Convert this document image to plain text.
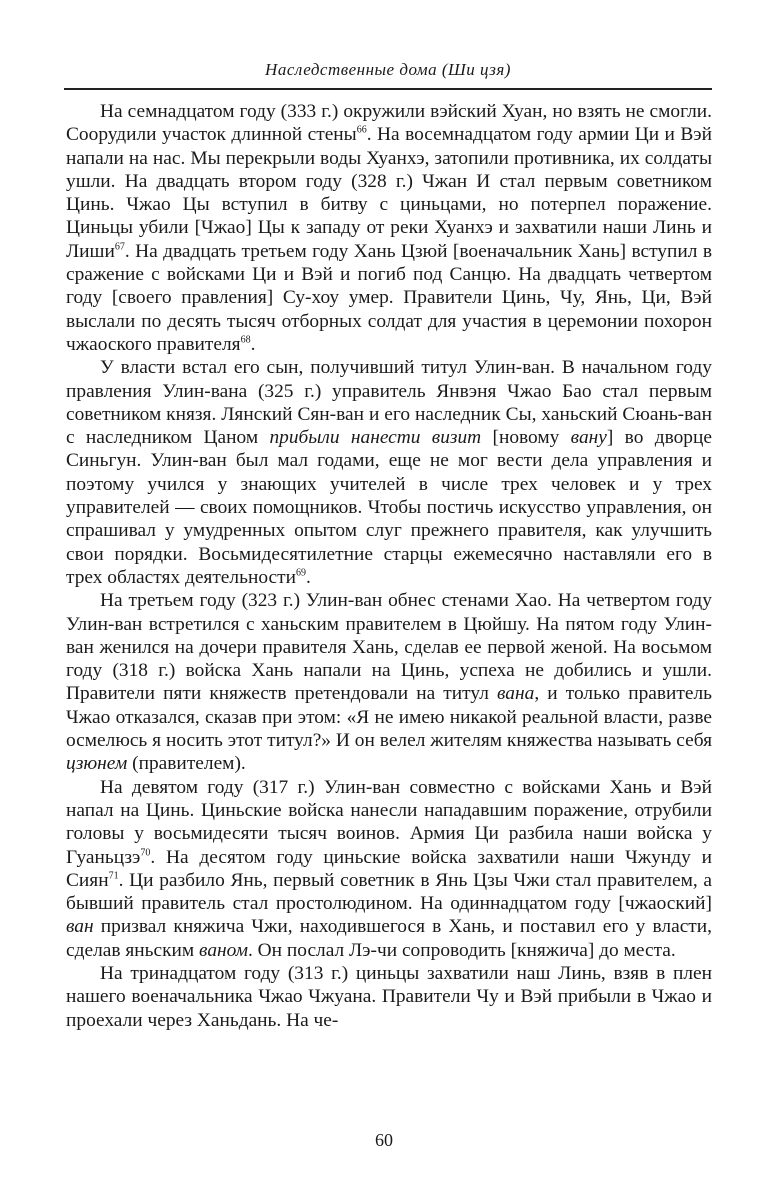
Наследственные дома (Ши цзя)

На семнадцатом году (333 г.) окружили вэйский Хуан, но взять не смогли. Соорудили участок длинной стены$^{66}$. На восемнадцатом году армии Ци и Вэй напали на нас. Мы перекрыли воды Хуанхэ, затопили противника, их солдаты ушли. На двадцать втором году (328 г.) Чжан И стал первым советником Цинь. Чжао Цы вступил в битву с циньцами, но потерпел поражение. Циньцы убили [Чжао] Цы к западу от реки Хуанхэ и захватили наши Линь и Лиши$^{67}$. На двадцать третьем году Хань Цзюй [военачальник Хань] вступил в сражение с войсками Ци и Вэй и погиб под Санцю. На двадцать четвертом году [своего правления] Су-хоу умер. Правители Цинь, Чу, Янь, Ци, Вэй выслали по десять тысяч отборных солдат для участия в церемонии похорон чжаоского правителя$^{68}$.

У власти встал его сын, получивший титул Улин-ван. В начальном году правления Улин-вана (325 г.) управитель Янвэня Чжао Бао стал первым советником князя. Лянский Сян-ван и его наследник Сы, ханьский Сюань-ван с наследником Цаном прибыли нанести визит [новому вану] во дворце Синьгун. Улин-ван был мал годами, еще не мог вести дела управления и поэтому учился у знающих учителей в числе трех человек и у трех управителей — своих помощников. Чтобы постичь искусство управления, он спрашивал у умудренных опытом слуг прежнего правителя, как улучшить свои порядки. Восьмидесятилетние старцы ежемесячно наставляли его в трех областях деятельности$^{69}$.

На третьем году (323 г.) Улин-ван обнес стенами Хао. На четвертом году Улин-ван встретился с ханьским правителем в Цюйшу. На пятом году Улин-ван женился на дочери правителя Хань, сделав ее первой женой. На восьмом году (318 г.) войска Хань напали на Цинь, успеха не добились и ушли. Правители пяти княжеств претендовали на титул вана, и только правитель Чжао отказался, сказав при этом: «Я не имею никакой реальной власти, разве осмелюсь я носить этот титул?» И он велел жителям княжества называть себя цзюнем (правителем).

На девятом году (317 г.) Улин-ван совместно с войсками Хань и Вэй напал на Цинь. Циньские войска нанесли нападавшим поражение, отрубили головы у восьмидесяти тысяч воинов. Армия Ци разбила наши войска у Гуаньцзэ$^{70}$. На десятом году циньские войска захватили наши Чжунду и Сиян$^{71}$. Ци разбило Янь, первый советник в Янь Цзы Чжи стал правителем, а бывший правитель стал простолюдином. На одиннадцатом году [чжаоский] ван призвал княжича Чжи, находившегося в Хань, и поставил его у власти, сделав яньским ваном. Он послал Лэ-чи сопроводить [княжича] до места.

На тринадцатом году (313 г.) циньцы захватили наш Линь, взяв в плен нашего военачальника Чжао Чжуана. Правители Чу и Вэй прибыли в Чжао и проехали через Ханьдань. На че-

60
